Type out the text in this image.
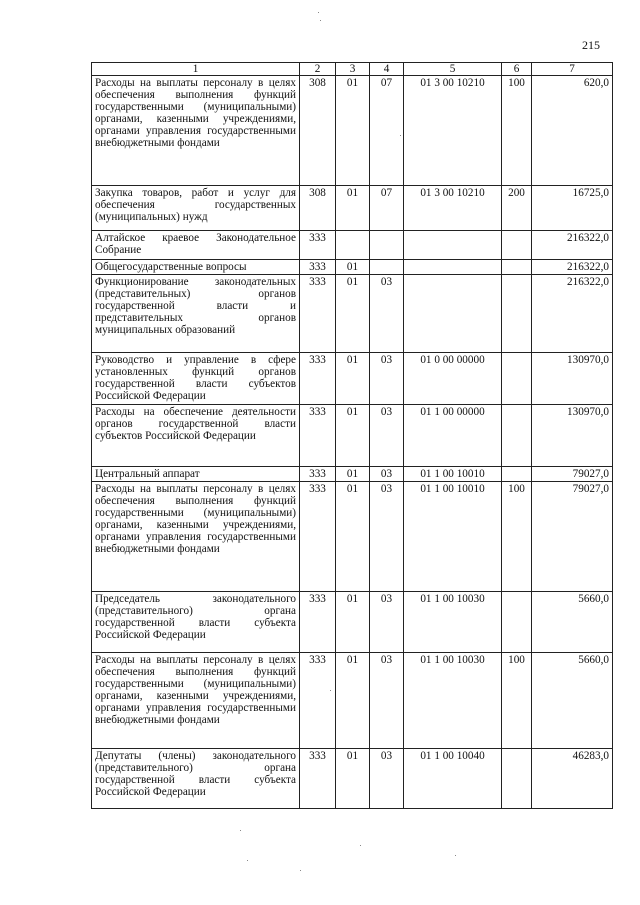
215
1	2	3	4	5	6	7
Расходы на выплаты персоналу в целях обеспечения выполнения функций государственными (муниципальными) органами, казенными учреждениями, органами управления государственными внебюджетными фондами	308	01	07	01 3 00 10210	100	620,0
Закупка товаров, работ и услуг для обеспечения государственных (муниципальных) нужд	308	01	07	01 3 00 10210	200	16725,0
Алтайское краевое Законодательное Собрание	333					216322,0
Общегосударственные вопросы	333	01				216322,0
Функционирование законодательных (представительных) органов государственной власти и представительных органов муниципальных образований	333	01	03			216322,0
Руководство и управление в сфере установленных функций органов государственной власти субъектов Российской Федерации	333	01	03	01 0 00 00000		130970,0
Расходы на обеспечение деятельности органов государственной власти субъектов Российской Федерации	333	01	03	01 1 00 00000		130970,0
Центральный аппарат	333	01	03	01 1 00 10010		79027,0
Расходы на выплаты персоналу в целях обеспечения выполнения функций государственными (муниципальными) органами, казенными учреждениями, органами управления государственными внебюджетными фондами	333	01	03	01 1 00 10010	100	79027,0
Председатель законодательного (представительного) органа государственной власти субъекта Российской Федерации	333	01	03	01 1 00 10030		5660,0
Расходы на выплаты персоналу в целях обеспечения выполнения функций государственными (муниципальными) органами, казенными учреждениями, органами управления государственными внебюджетными фондами	333	01	03	01 1 00 10030	100	5660,0
Депутаты (члены) законодательного (представительного) органа государственной власти субъекта Российской Федерации	333	01	03	01 1 00 10040		46283,0
